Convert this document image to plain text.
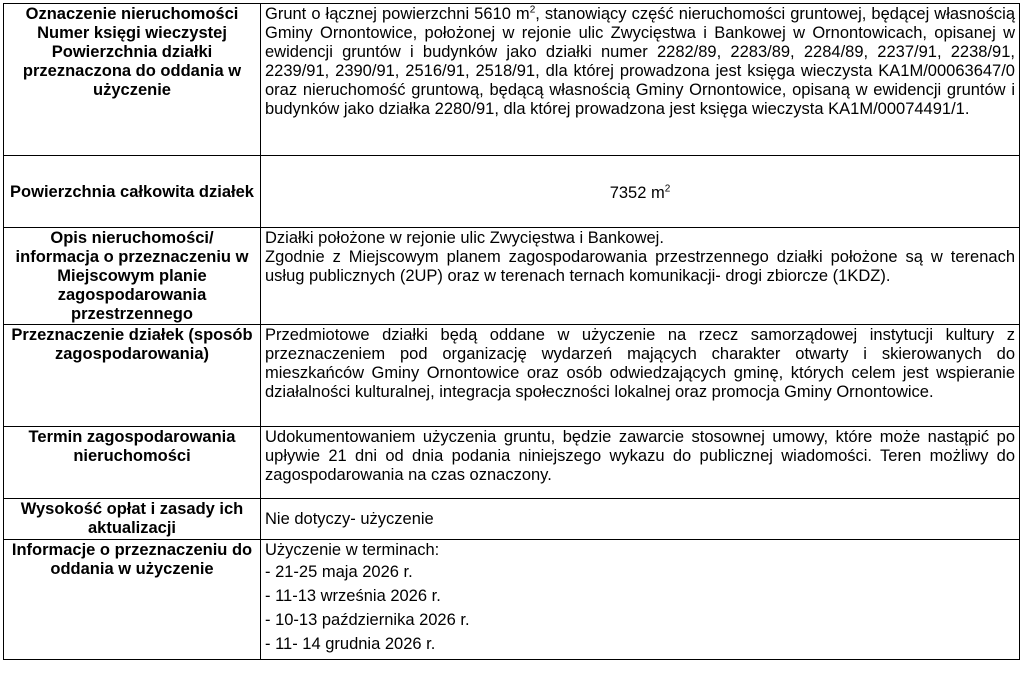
Oznaczenie nieruchomości Numer księgi wieczystej Powierzchnia działki przeznaczona do oddania w użyczenie	Grunt o łącznej powierzchni 5610 $m^2$, stanowiący część nieruchomości gruntowej, będącej własnością Gminy Ornontowice, położonej w rejonie ulic Zwycięstwa i Bankowej w Ornontowicach, opisanej w ewidencji gruntów i budynków jako działki numer 2282/89, 2283/89, 2284/89, 2237/91, 2238/91, 2239/91, 2390/91, 2516/91, 2518/91, dla której prowadzona jest księga wieczysta KA1M/00063647/0 oraz nieruchomość gruntową, będącą własnością Gminy Ornontowice, opisaną w ewidencji gruntów i budynków jako działka 2280/91, dla której prowadzona jest księga wieczysta KA1M/00074491/1.
Powierzchnia całkowita działek	7352 $m^2$
Opis nieruchomości/ informacja o przeznaczeniu w Miejscowym planie zagospodarowania przestrzennego	Działki położone w rejonie ulic Zwycięstwa i Bankowej.
Zgodnie z Miejscowym planem zagospodarowania przestrzennego działki położone są w terenach usług publicznych (2UP) oraz w terenach ternach komunikacji- drogi zbiorcze (1KDZ).

Przeznaczenie działek (sposób zagospodarowania)	Przedmiotowe działki będą oddane w użyczenie na rzecz samorządowej instytucji kultury z przeznaczeniem pod organizację wydarzeń mających charakter otwarty i skierowanych do mieszkańców Gminy Ornontowice oraz osób odwiedzających gminę, których celem jest wspieranie działalności kulturalnej, integracja społeczności lokalnej oraz promocja Gminy Ornontowice.
Termin zagospodarowania nieruchomości	Udokumentowaniem użyczenia gruntu, będzie zawarcie stosownej umowy, które może nastąpić po upływie 21 dni od dnia podania niniejszego wykazu do publicznej wiadomości. Teren możliwy do zagospodarowania na czas oznaczony.
Wysokość opłat i zasady ich aktualizacji	Nie dotyczy- użyczenie
Informacje o przeznaczeniu do oddania w użyczenie	Użyczenie w terminach:
- 21-25 maja 2026 r.
- 11-13 września 2026 r.
- 10-13 października 2026 r.
- 11- 14 grudnia 2026 r.
